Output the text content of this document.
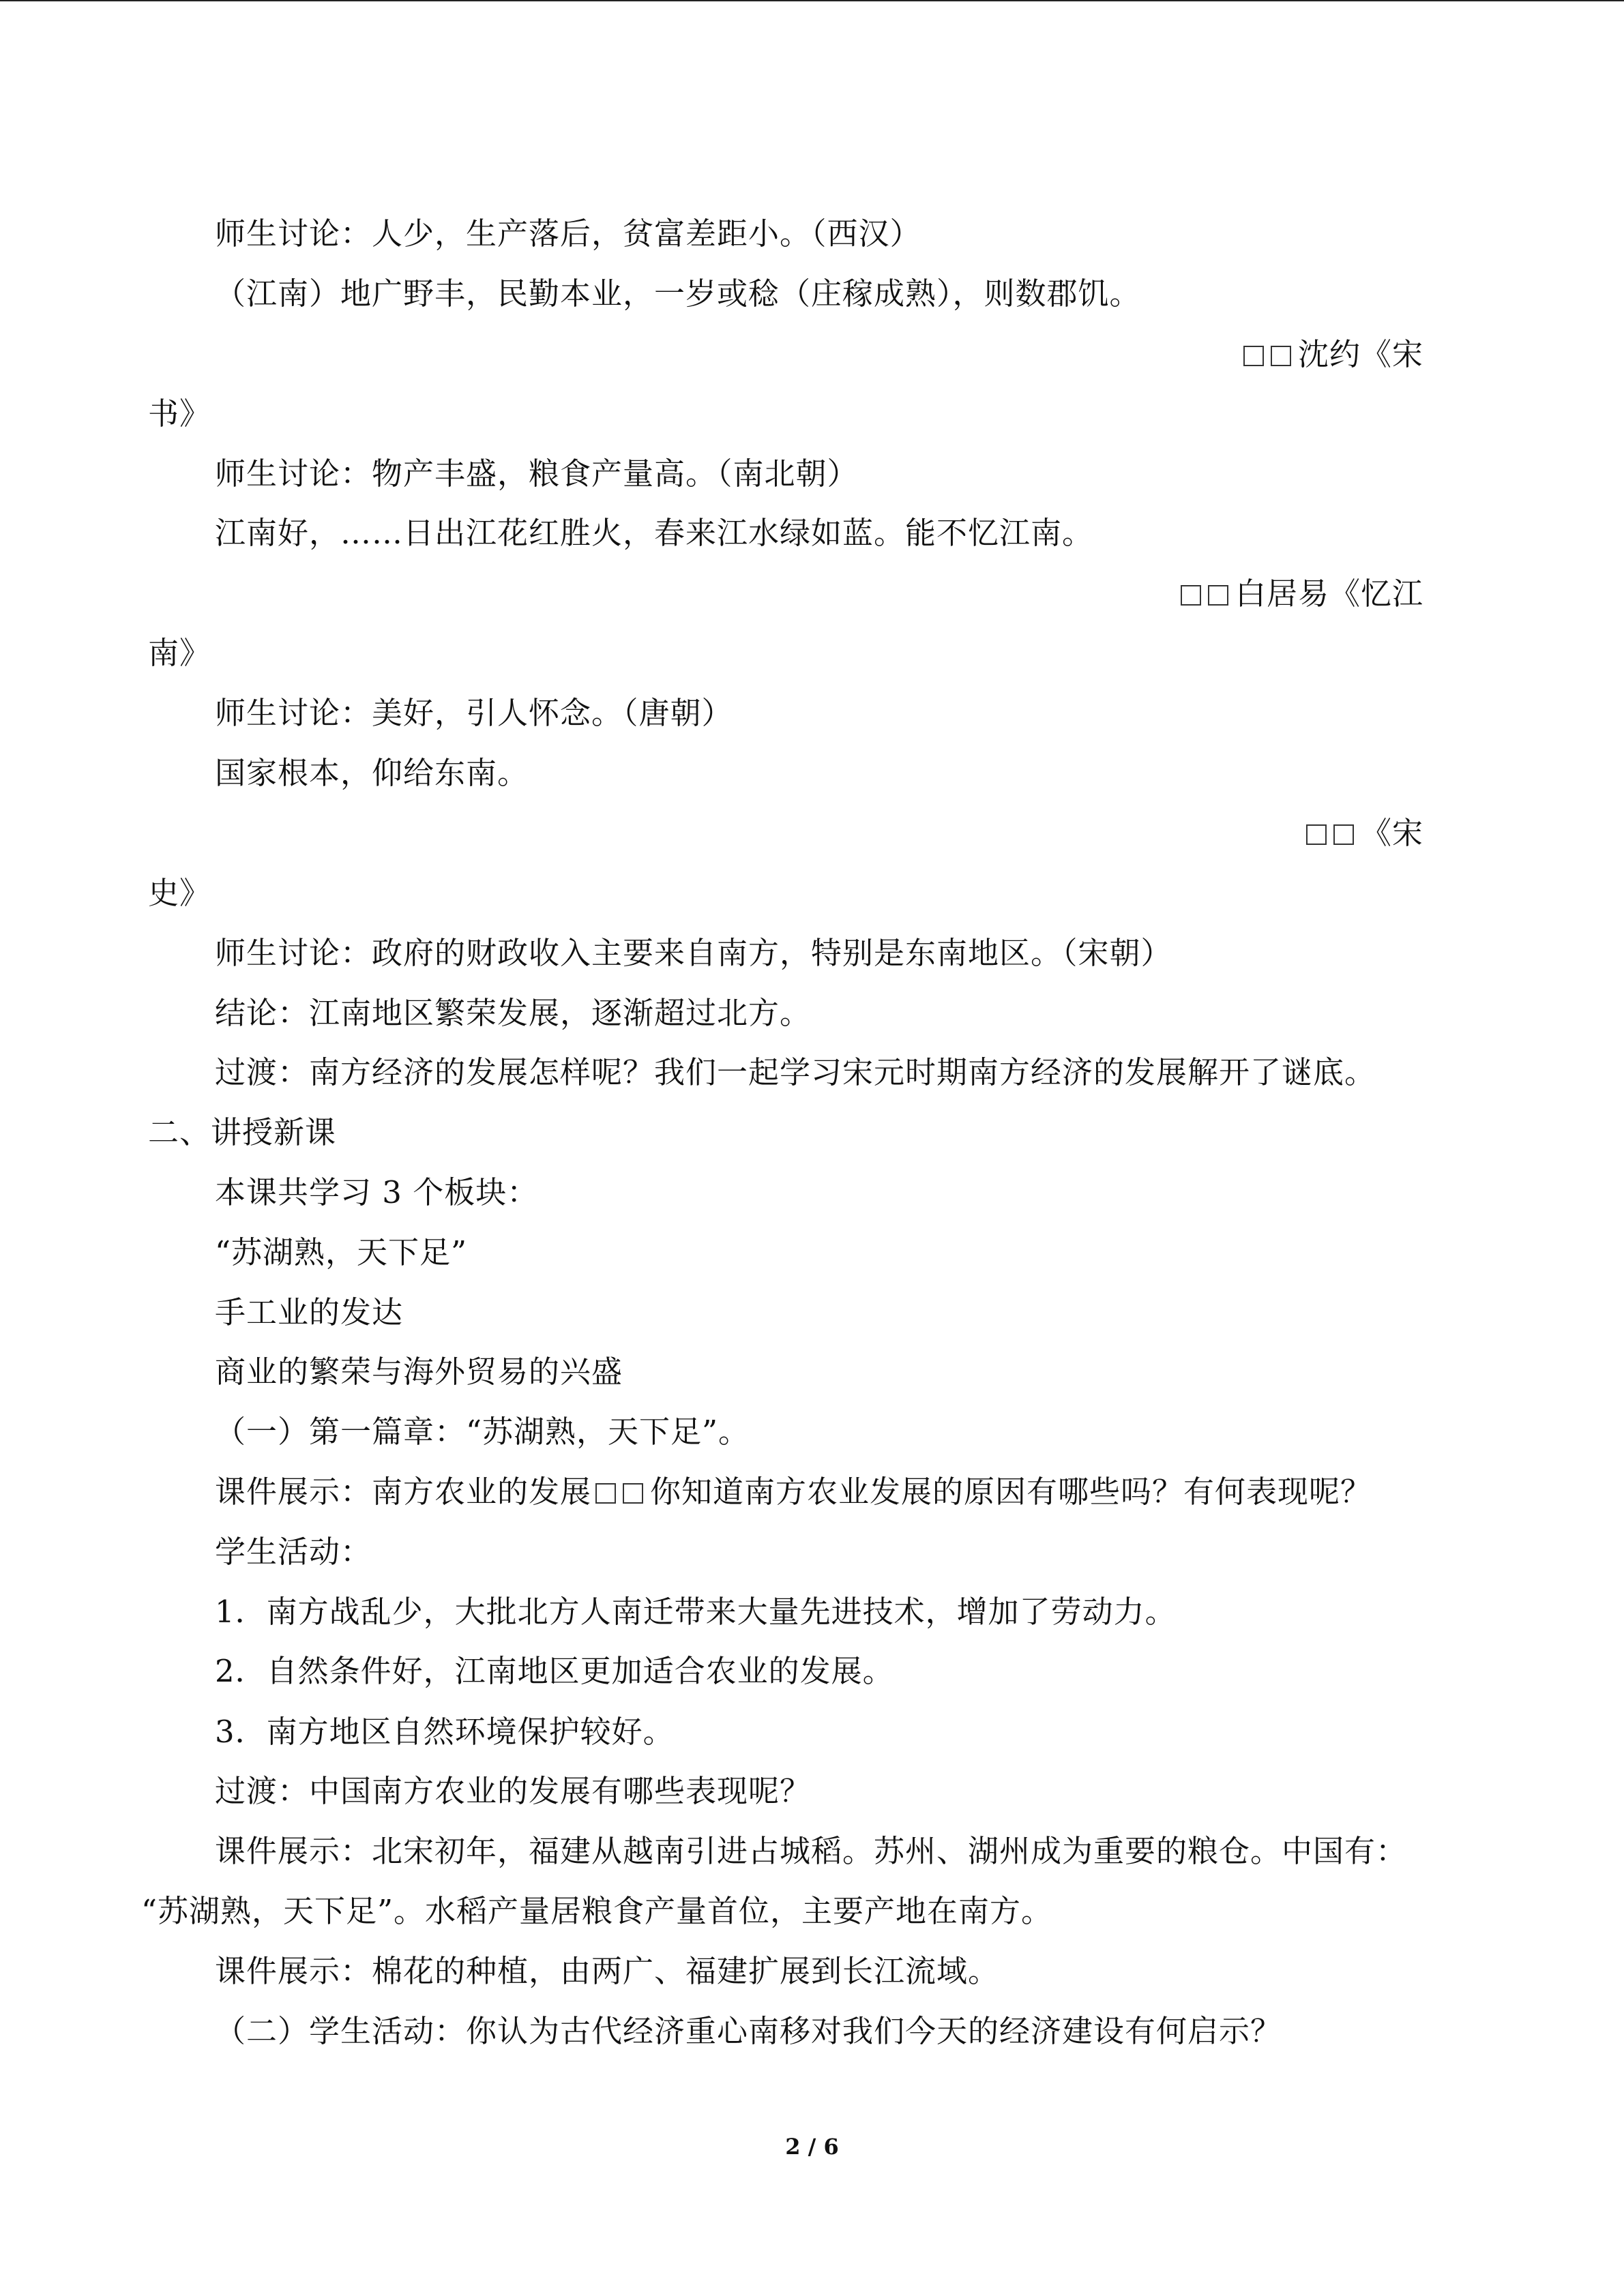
师生讨论：人少，生产落后，贫富差距小。（西汉）
（江南）地广野丰，民勤本业，一岁或稔（庄稼成熟），则数郡饥。
沈约《宋
书》
师生讨论：物产丰盛，粮食产量高。（南北朝）
江南好，……日出江花红胜火，春来江水绿如蓝。能不忆江南。
白居易《忆江
南》
师生讨论：美好，引人怀念。（唐朝）
国家根本，仰给东南。
《宋
史》
师生讨论：政府的财政收入主要来自南方，特别是东南地区。（宋朝）
结论：江南地区繁荣发展，逐渐超过北方。
过渡：南方经济的发展怎样呢？我们一起学习宋元时期南方经济的发展解开了谜底。
二、讲授新课
本课共学习 3 个板块：
“苏湖熟，天下足”
手工业的发达
商业的繁荣与海外贸易的兴盛
（一）第一篇章：“苏湖熟，天下足”。
课件展示：南方农业的发展 你知道南方农业发展的原因有哪些吗？有何表现呢？
学生活动：
1．南方战乱少，大批北方人南迁带来大量先进技术，增加了劳动力。
2．自然条件好，江南地区更加适合农业的发展。
3．南方地区自然环境保护较好。
过渡：中国南方农业的发展有哪些表现呢？
课件展示：北宋初年，福建从越南引进占城稻。苏州、湖州成为重要的粮仓。中国有：
“苏湖熟，天下足”。水稻产量居粮食产量首位，主要产地在南方。
课件展示：棉花的种植，由两广、福建扩展到长江流域。
（二）学生活动：你认为古代经济重心南移对我们今天的经济建设有何启示？
2 / 6
